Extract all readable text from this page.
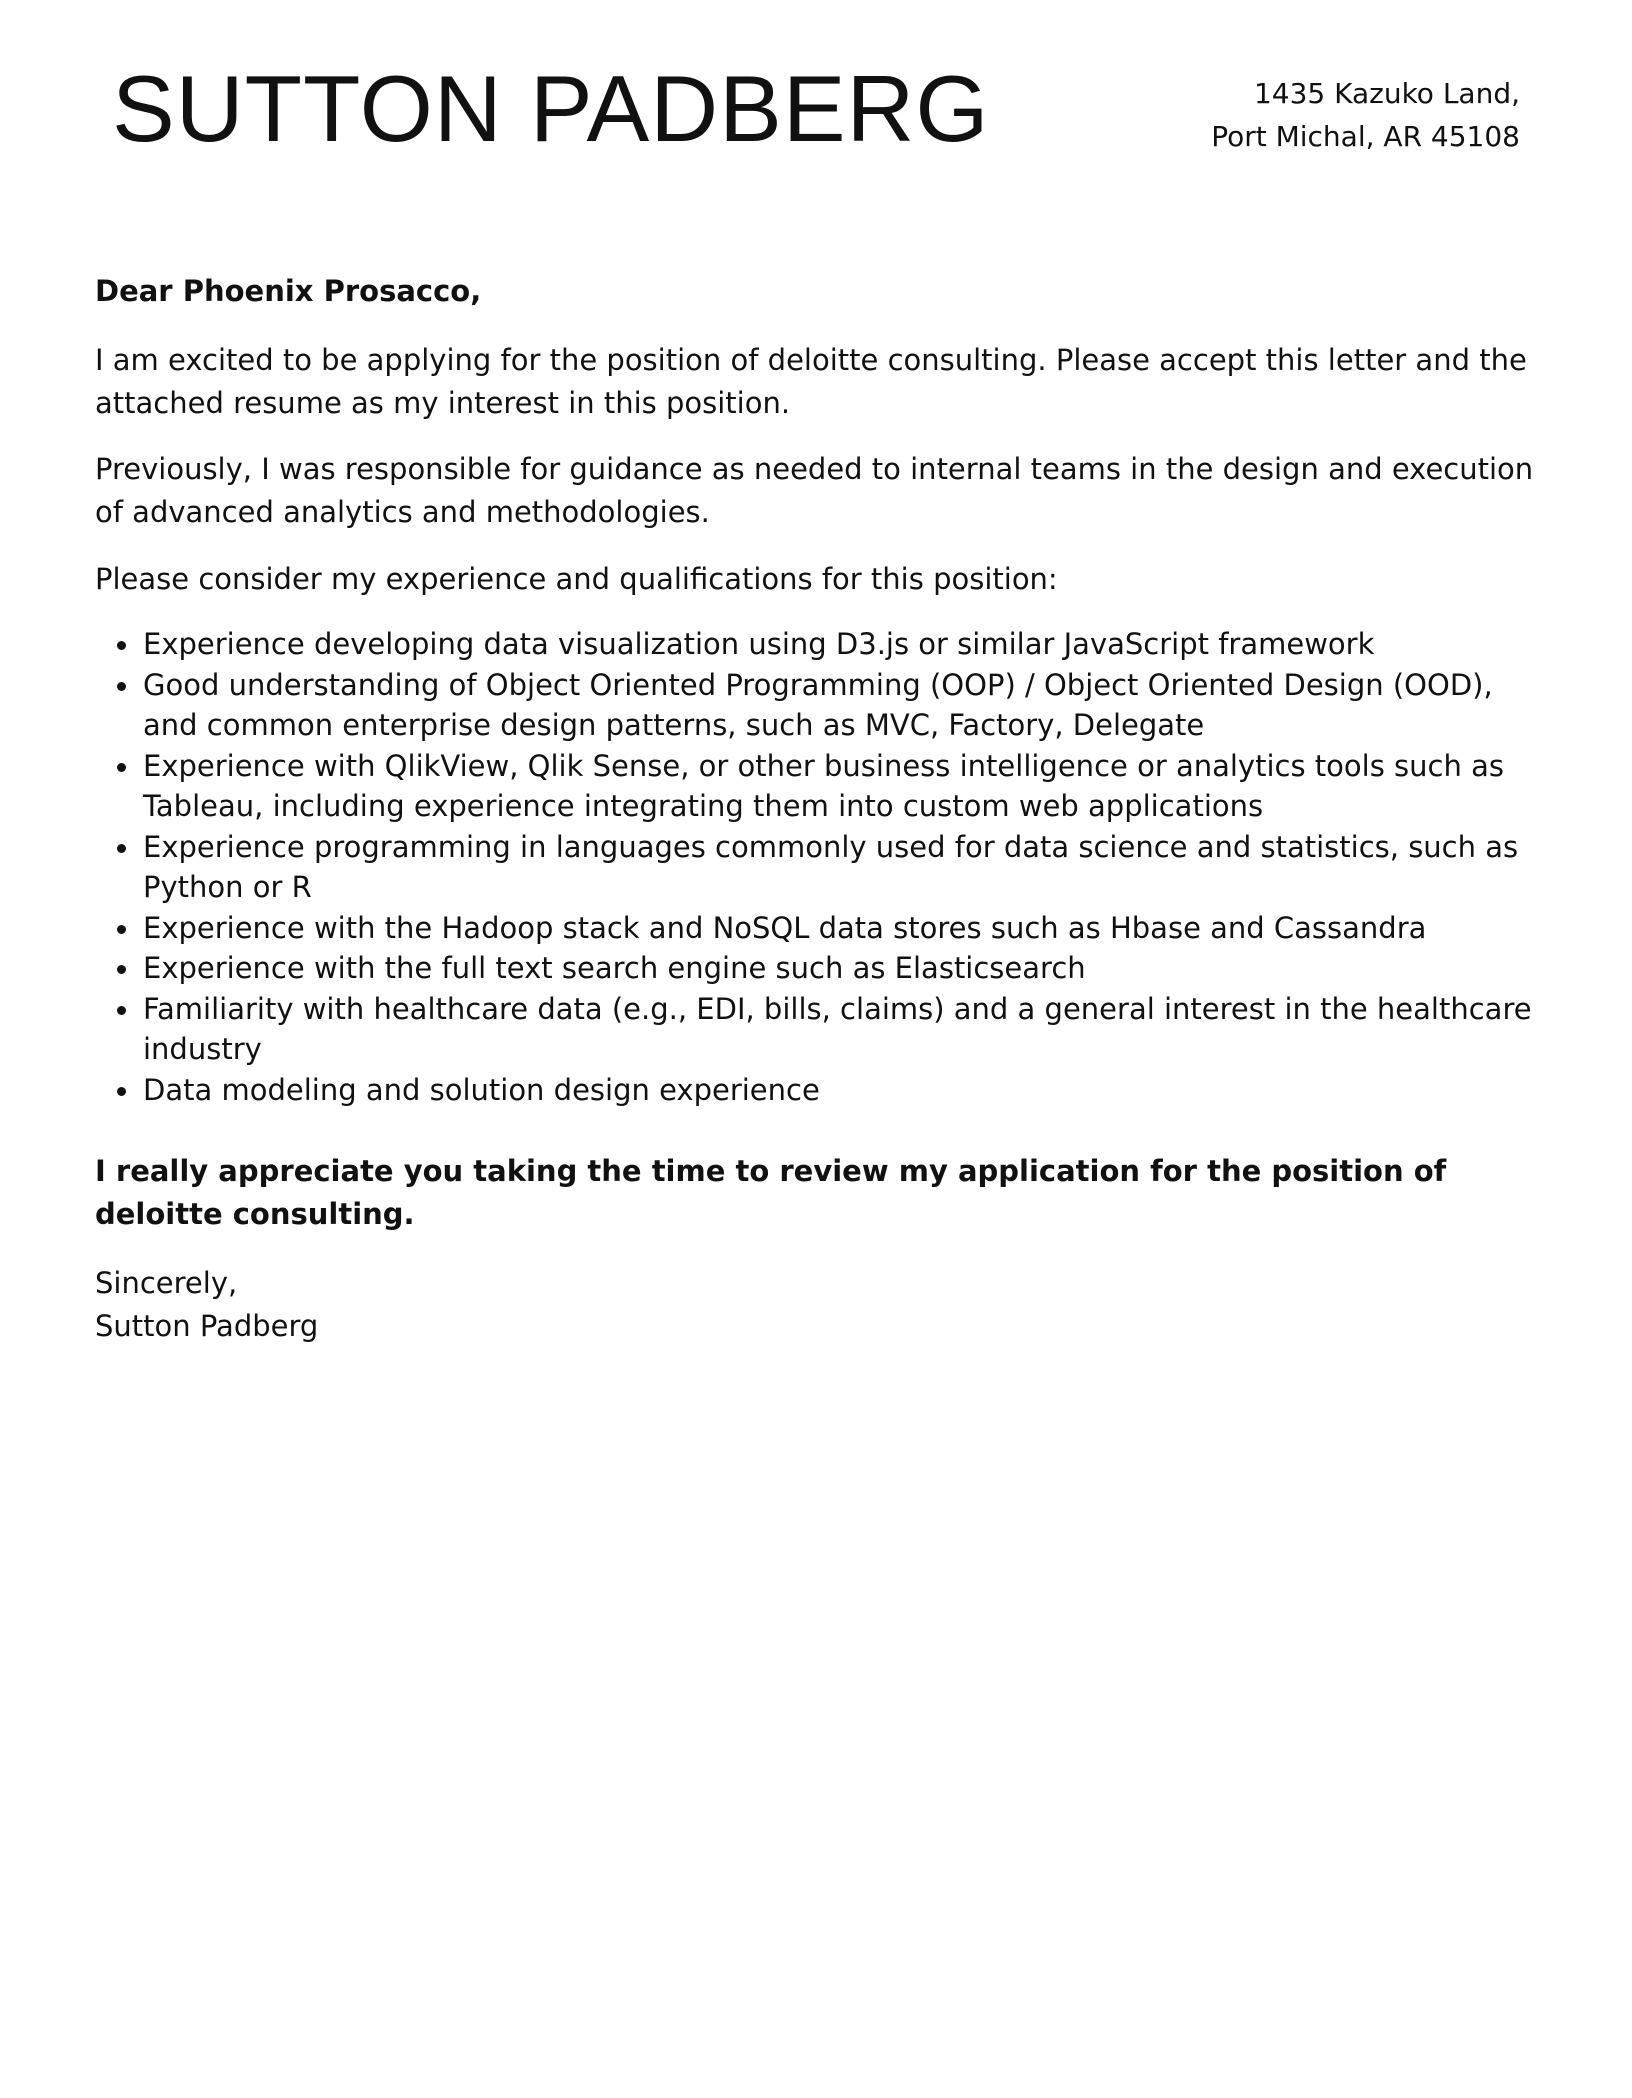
SUTTON PADBERG	1435 Kazuko Land,
Port Michal, AR 45108
Dear Phoenix Prosacco,
I am excited to be applying for the position of deloitte consulting. Please accept this letter and the attached resume as my interest in this position.
Previously, I was responsible for guidance as needed to internal teams in the design and execution of advanced analytics and methodologies.
Please consider my experience and qualifications for this position:
Experience developing data visualization using D3.js or similar JavaScript framework
Good understanding of Object Oriented Programming (OOP) / Object Oriented Design (OOD), and common enterprise design patterns, such as MVC, Factory, Delegate
Experience with QlikView, Qlik Sense, or other business intelligence or analytics tools such as Tableau, including experience integrating them into custom web applications
Experience programming in languages commonly used for data science and statistics, such as Python or R
Experience with the Hadoop stack and NoSQL data stores such as Hbase and Cassandra
Experience with the full text search engine such as Elasticsearch
Familiarity with healthcare data (e.g., EDI, bills, claims) and a general interest in the healthcare industry
Data modeling and solution design experience
I really appreciate you taking the time to review my application for the position of deloitte consulting.
Sincerely,
Sutton Padberg
